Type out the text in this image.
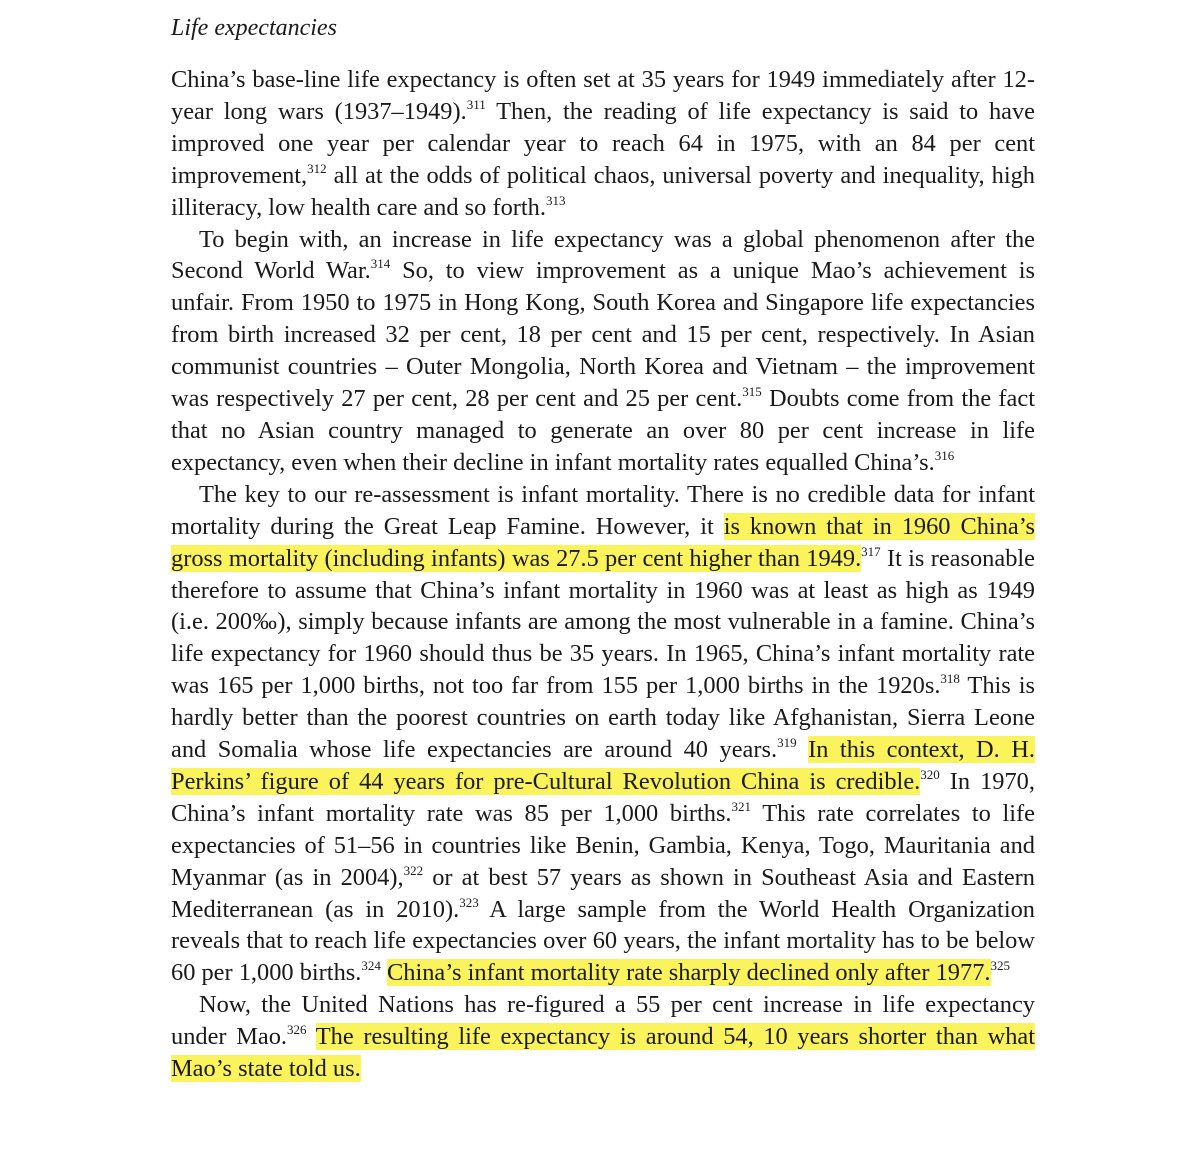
Life expectancies

China’s base-line life expectancy is often set at 35 years for 1949 immediately after 12-year long wars (1937–1949).$^{311}$ Then, the reading of life expectancy is said to have improved one year per calendar year to reach 64 in 1975, with an 84 per cent improvement,$^{312}$ all at the odds of political chaos, universal poverty and inequality, high illiteracy, low health care and so forth.$^{313}$

To begin with, an increase in life expectancy was a global phenomenon after the Second World War.$^{314}$ So, to view improvement as a unique Mao’s achievement is unfair. From 1950 to 1975 in Hong Kong, South Korea and Singapore life expectancies from birth increased 32 per cent, 18 per cent and 15 per cent, respectively. In Asian communist countries – Outer Mongolia, North Korea and Vietnam – the improvement was respectively 27 per cent, 28 per cent and 25 per cent.$^{315}$ Doubts come from the fact that no Asian country managed to generate an over 80 per cent increase in life expectancy, even when their decline in infant mortality rates equalled China’s.$^{316}$

The key to our re-assessment is infant mortality. There is no credible data for infant mortality during the Great Leap Famine. However, it is known that in 1960 China’s gross mortality (including infants) was 27.5 per cent higher than 1949.$^{317}$ It is reasonable therefore to assume that China’s infant mortality in 1960 was at least as high as 1949 (i.e. 200‰), simply because infants are among the most vulnerable in a famine. China’s life expectancy for 1960 should thus be 35 years. In 1965, China’s infant mortality rate was 165 per 1,000 births, not too far from 155 per 1,000 births in the 1920s.$^{318}$ This is hardly better than the poorest countries on earth today like Afghanistan, Sierra Leone and Somalia whose life expectancies are around 40 years.$^{319}$ In this context, D. H. Perkins’ figure of 44 years for pre-Cultural Revolution China is credible.$^{320}$ In 1970, China’s infant mortality rate was 85 per 1,000 births.$^{321}$ This rate correlates to life expectancies of 51–56 in countries like Benin, Gambia, Kenya, Togo, Mauritania and Myanmar (as in 2004),$^{322}$ or at best 57 years as shown in Southeast Asia and Eastern Mediterranean (as in 2010).$^{323}$ A large sample from the World Health Organization reveals that to reach life expectancies over 60 years, the infant mortality has to be below 60 per 1,000 births.$^{324}$ China’s infant mortality rate sharply declined only after 1977.$^{325}$

Now, the United Nations has re-figured a 55 per cent increase in life expectancy under Mao.$^{326}$ The resulting life expectancy is around 54, 10 years shorter than what Mao’s state told us.
